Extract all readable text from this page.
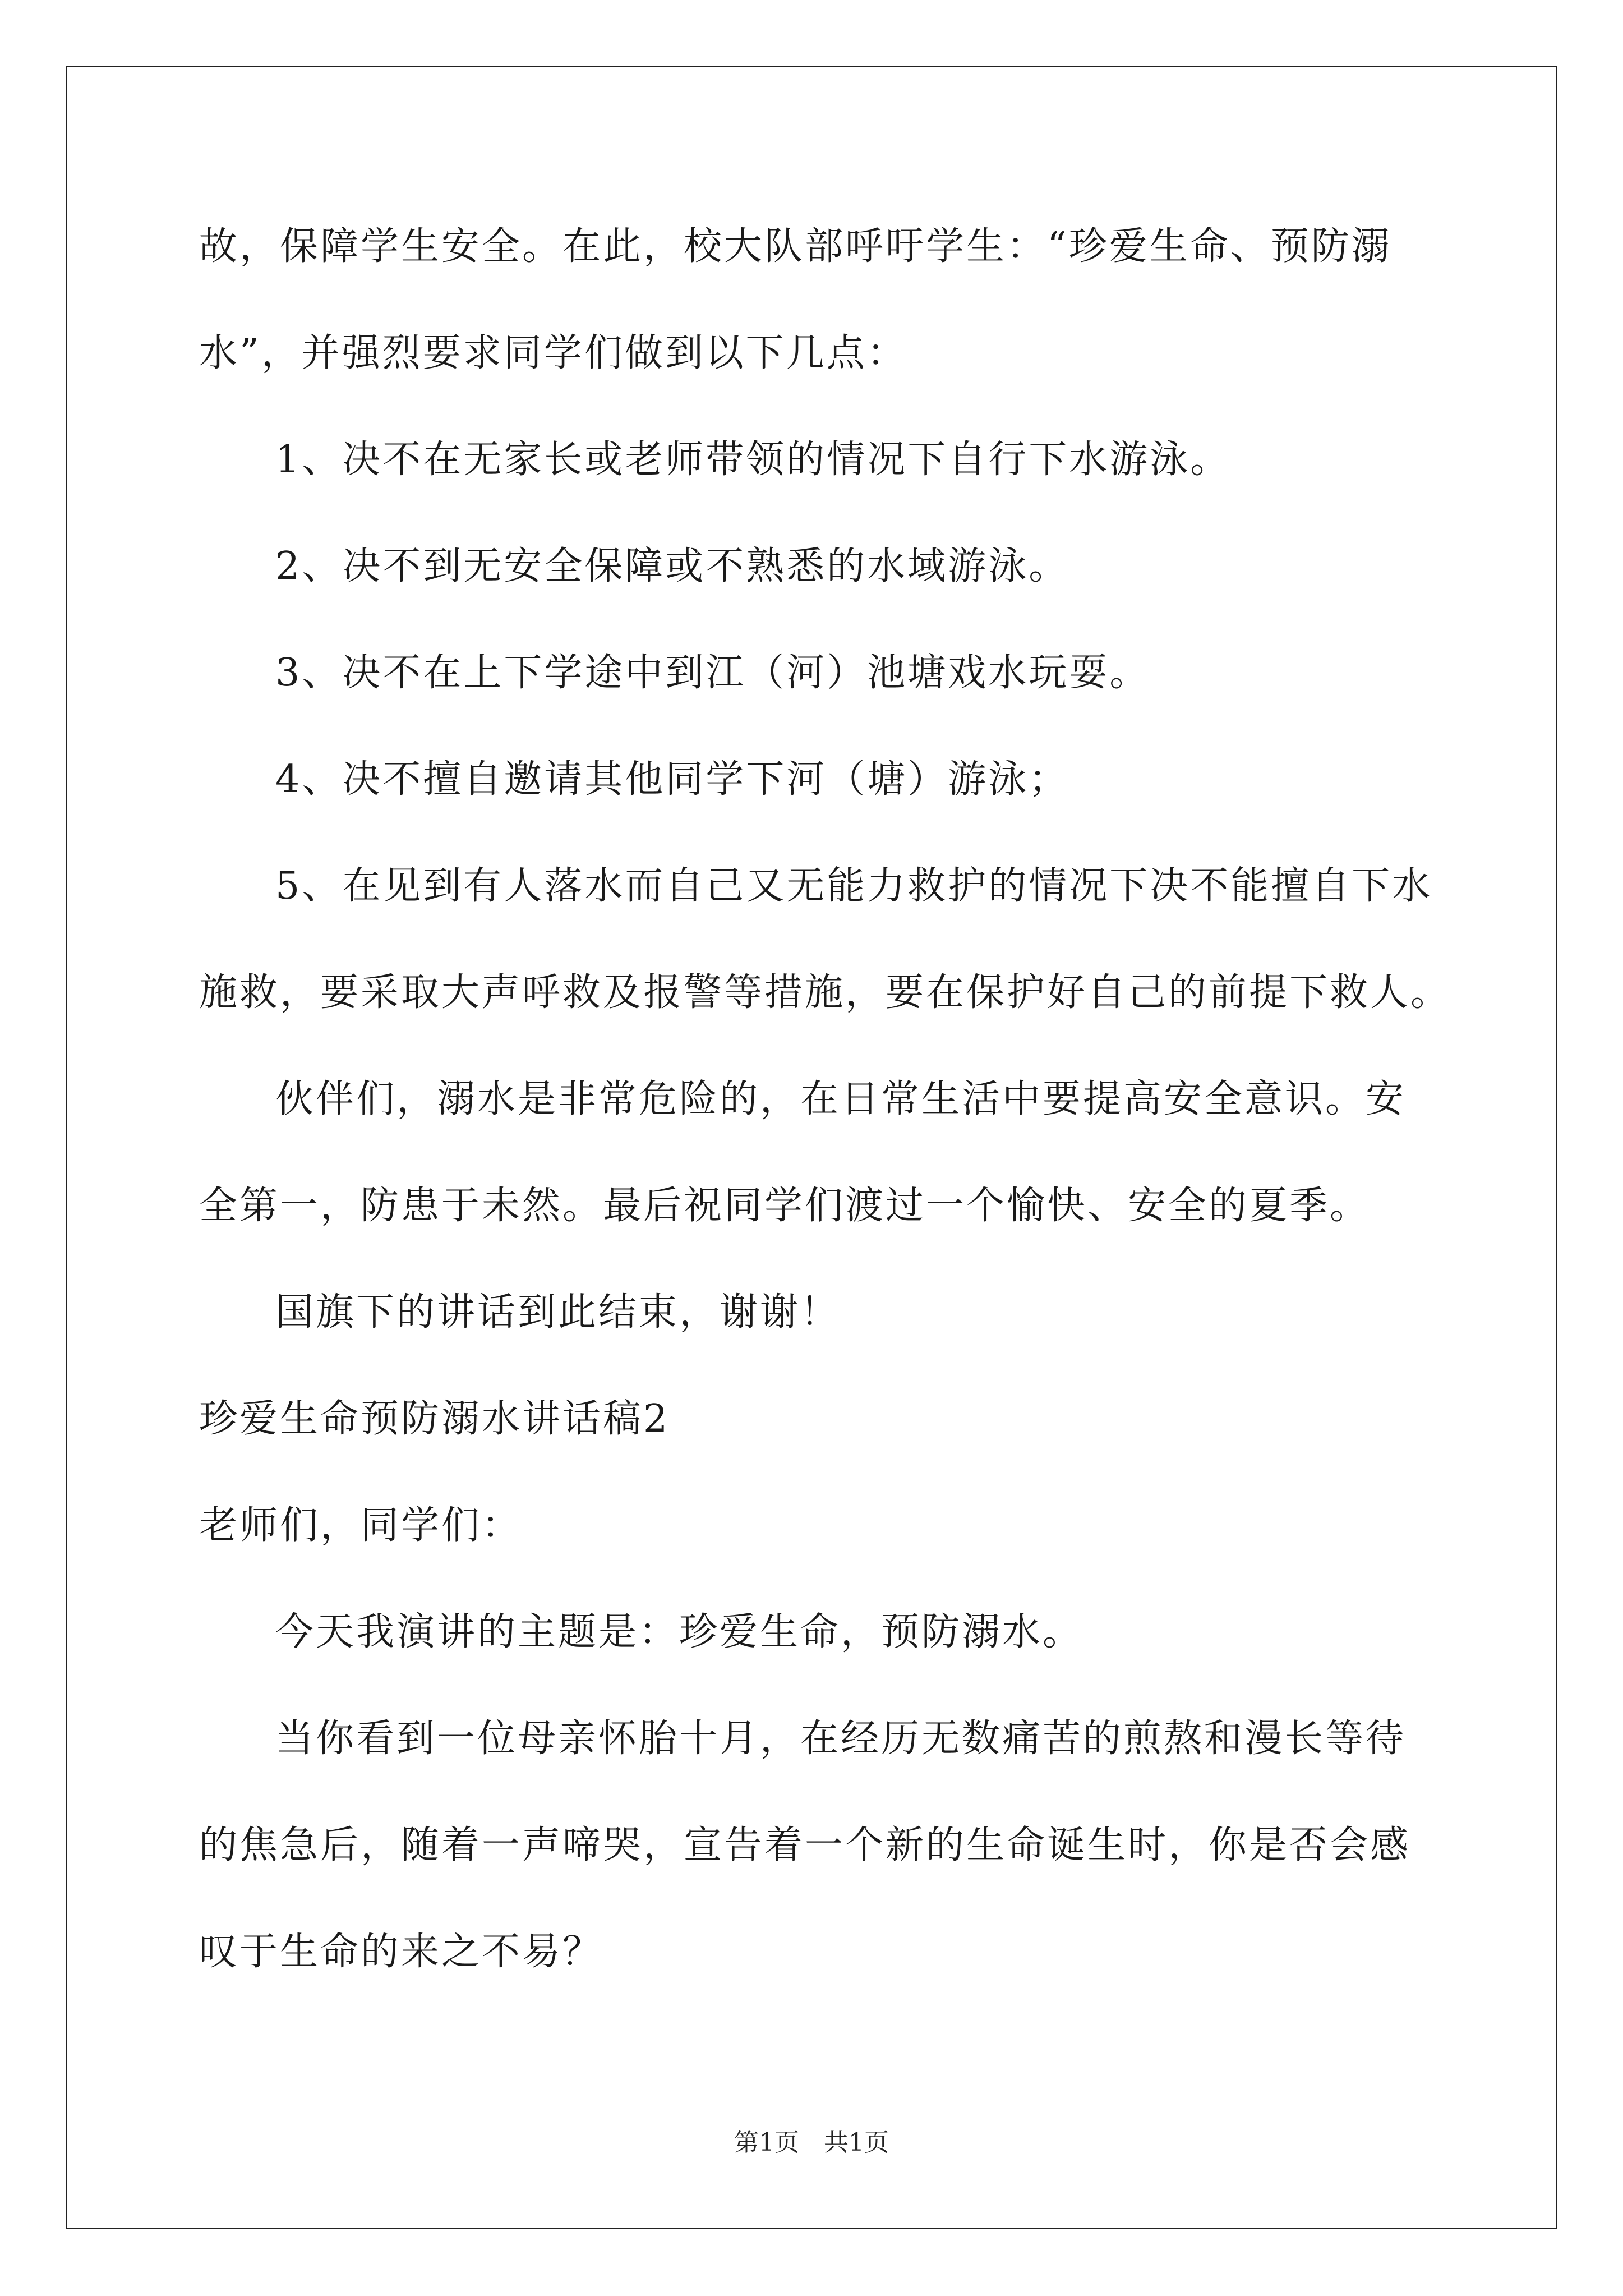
故，保障学生安全。在此，校大队部呼吁学生：“珍爱生命、预防溺
水”，并强烈要求同学们做到以下几点：
1、决不在无家长或老师带领的情况下自行下水游泳。
2、决不到无安全保障或不熟悉的水域游泳。
3、决不在上下学途中到江（河）池塘戏水玩耍。
4、决不擅自邀请其他同学下河（塘）游泳；
5、在见到有人落水而自己又无能力救护的情况下决不能擅自下水
施救，要采取大声呼救及报警等措施，要在保护好自己的前提下救人。
伙伴们，溺水是非常危险的，在日常生活中要提高安全意识。安
全第一，防患于未然。最后祝同学们渡过一个愉快、安全的夏季。
国旗下的讲话到此结束，谢谢！
珍爱生命预防溺水讲话稿2
老师们，同学们：
今天我演讲的主题是：珍爱生命，预防溺水。
当你看到一位母亲怀胎十月，在经历无数痛苦的煎熬和漫长等待
的焦急后，随着一声啼哭，宣告着一个新的生命诞生时，你是否会感
叹于生命的来之不易？
第1页　共1页
